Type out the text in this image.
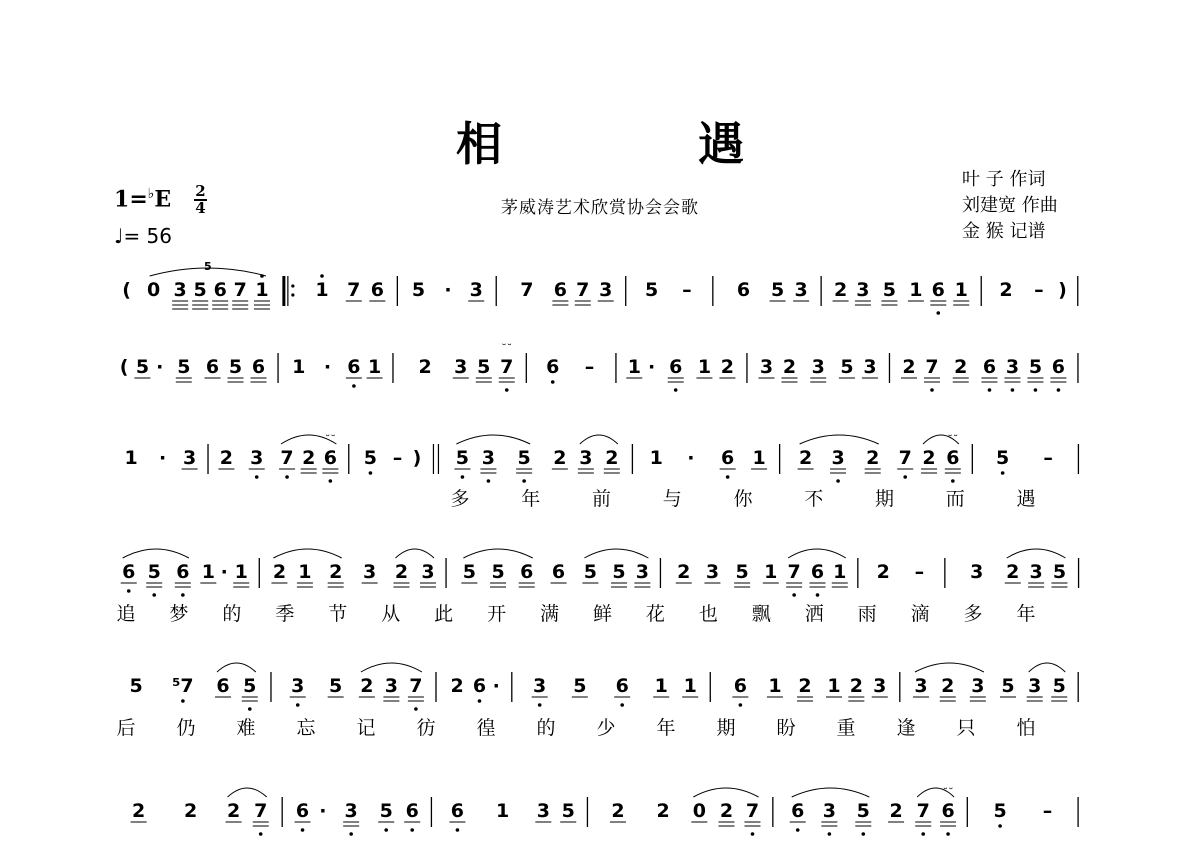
相 遇
茅威涛艺术欣赏协会会歌
叶 子 作词
刘建宽 作曲
金 猴 记谱
1=♭E 2
4
♩= 56
( 0 3 5 6 7 1 1 7 6 5 · 3 7 6 7 3 5 – 6 5 3 2 3 5 1 6 1 2 – )
5
( 5 · 5 6 5 6 1 · 6 1 2 3 5 7
˘˘
6 – 1 · 6 1 2 3 2 3 5 3 2 7 2 6 3 5 6
1 · 3 2 3 7 2 6
˘˘
5 – ) 5 3 5 2 3 2 1 · 6 1 2 3 2 7 2 6
˘˘
5 –
多	年	前	与	你	不	期	而	遇
6 5 6 1 · 1 2 1 2 3 2 3 5 5 6 6 5 5 3 2 3 5 1 7 6 1 2 – 3 2 3 5
追 梦 的 季 节 从 此 开 满 鲜 花 也 飘 洒 雨 滴 多 年
5 ⁵7 6 5 3 5 2 3 7 2 6 · 3 5 6 1 1 6 1 2 1 2 3 3 2 3 5 3 5
后 仍 难 忘 记 彷 徨 的 少 年 期 盼 重 逢 只 怕
2 2 2 7 6 · 3 5 6 6 1 3 5 2 2 0 2 7 6 3 5 2 7 6
˘˘
5 –
